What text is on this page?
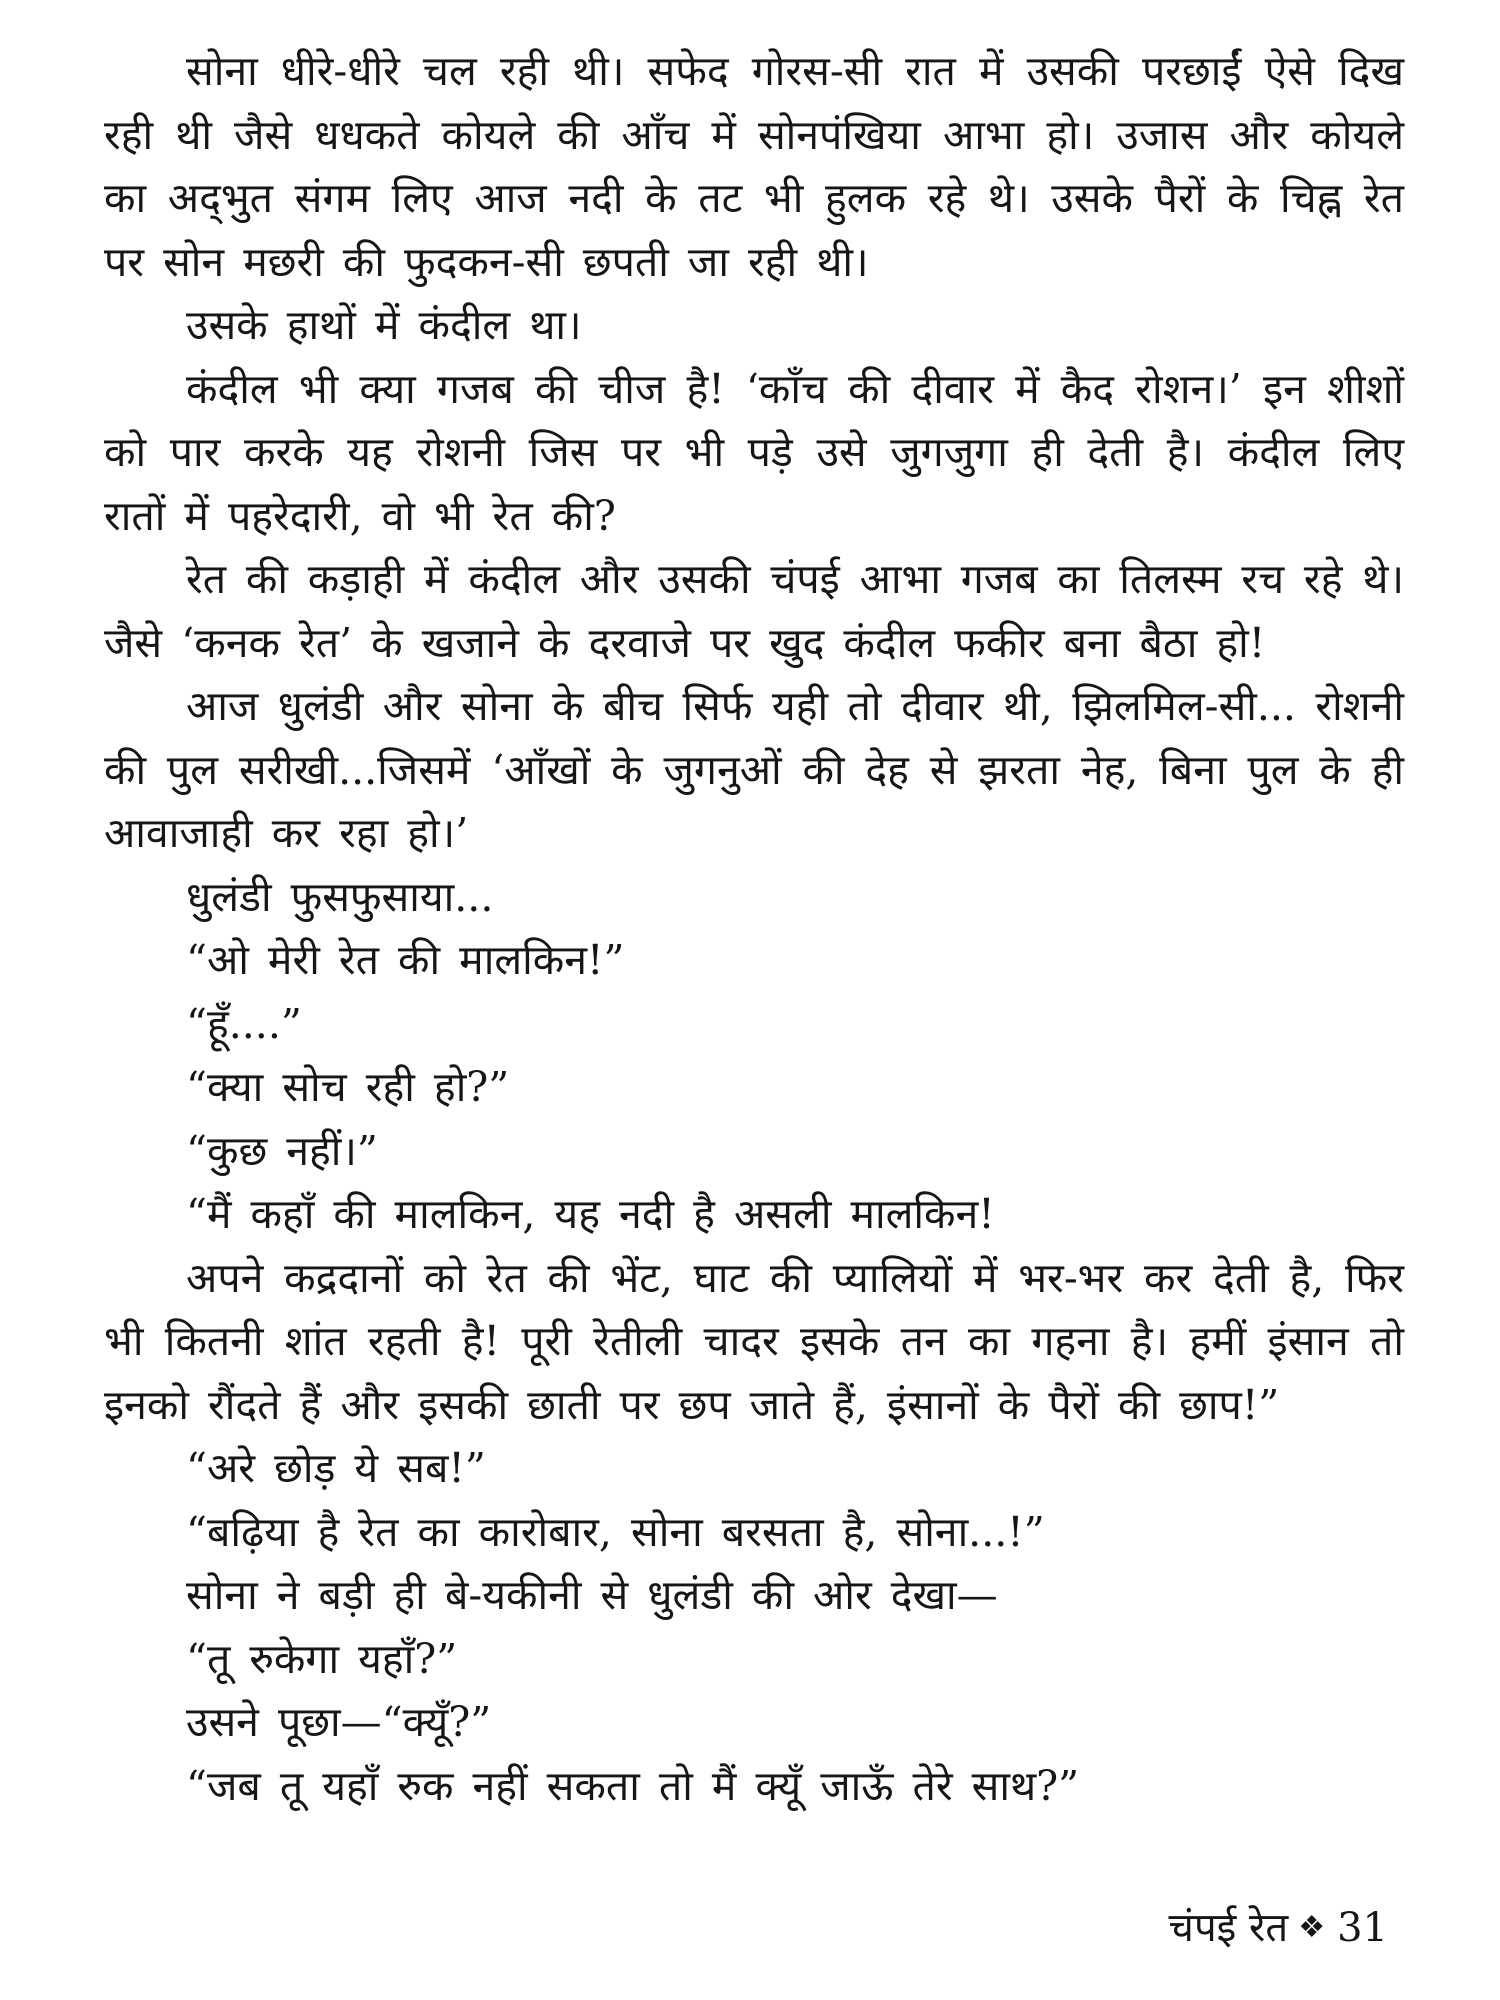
सोना धीरे-धीरे चल रही थी। सफेद गोरस-सी रात में उसकी परछाईं ऐसे दिख रही थी जैसे धधकते कोयले की आँच में सोनपंखिया आभा हो। उजास और कोयले का अद्‌भुत संगम लिए आज नदी के तट भी हुलक रहे थे। उसके पैरों के चिह्न रेत पर सोन मछरी की फुदकन-सी छपती जा रही थी।

उसके हाथों में कंदील था।

कंदील भी क्या गजब की चीज है! ‘काँच की दीवार में कैद रोशन।’ इन शीशों को पार करके यह रोशनी जिस पर भी पड़े उसे जुगजुगा ही देती है। कंदील लिए रातों में पहरेदारी, वो भी रेत की?

रेत की कड़ाही में कंदील और उसकी चंपई आभा गजब का तिलस्म रच रहे थे। जैसे ‘कनक रेत’ के खजाने के दरवाजे पर खुद कंदील फकीर बना बैठा हो!

आज धुलंडी और सोना के बीच सिर्फ यही तो दीवार थी, झिलमिल-सी... रोशनी की पुल सरीखी...जिसमें ‘आँखों के जुगनुओं की देह से झरता नेह, बिना पुल के ही आवाजाही कर रहा हो।’

धुलंडी फुसफुसाया...

“ओ मेरी रेत की मालकिन!”

“हूँ....”

“क्या सोच रही हो?”

“कुछ नहीं।”

“मैं कहाँ की मालकिन, यह नदी है असली मालकिन!

अपने कद्रदानों को रेत की भेंट, घाट की प्यालियों में भर-भर कर देती है, फिर भी कितनी शांत रहती है! पूरी रेतीली चादर इसके तन का गहना है। हमीं इंसान तो इनको रौंदते हैं और इसकी छाती पर छप जाते हैं, इंसानों के पैरों की छाप!”

“अरे छोड़ ये सब!”

“बढ़िया है रेत का कारोबार, सोना बरसता है, सोना...!”

सोना ने बड़ी ही बे-यकीनी से धुलंडी की ओर देखा—

“तू रुकेगा यहाँ?”

उसने पूछा—“क्यूँ?”

“जब तू यहाँ रुक नहीं सकता तो मैं क्यूँ जाऊँ तेरे साथ?”

चंपई रेत ❖ 31
